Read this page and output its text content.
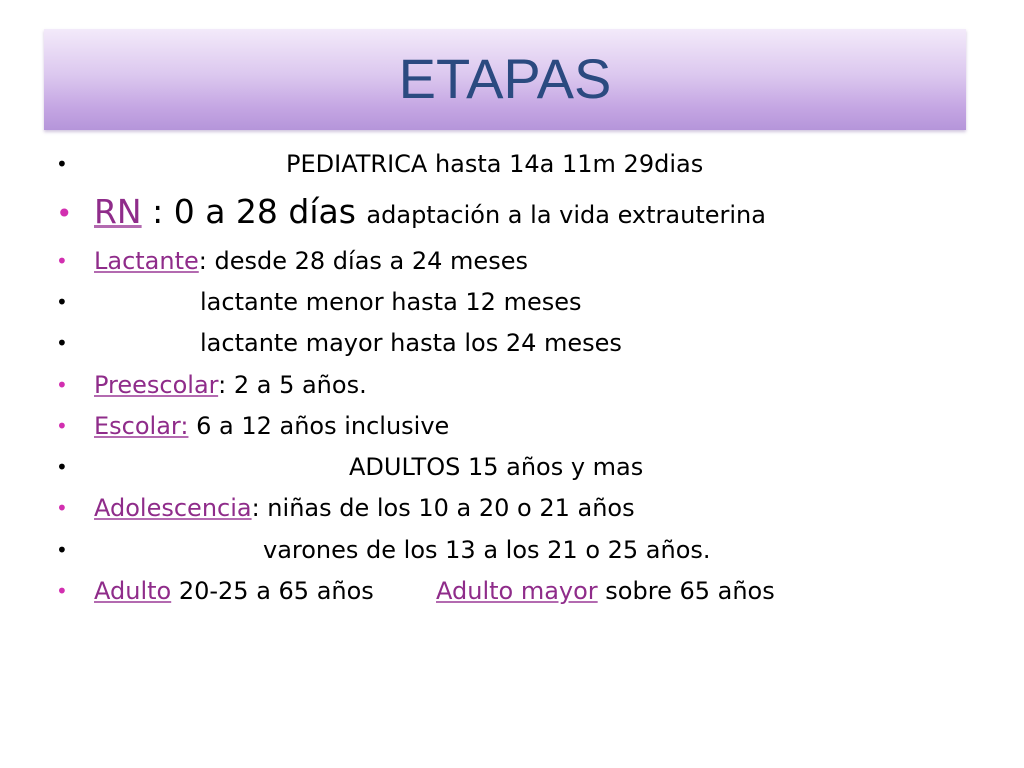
ETAPAS
•	PEDIATRICA hasta 14a 11m 29dias
• RN : 0 a 28 días adaptación a la vida extrauterina
• Lactante: desde 28 días a 24 meses
•	lactante menor hasta 12 meses
•	lactante mayor hasta los 24 meses
• Preescolar: 2 a 5 años.
• Escolar: 6 a 12 años inclusive
•	ADULTOS 15 años y mas
• Adolescencia: niñas de los 10 a 20 o 21 años
•	varones de los 13 a los 21 o 25 años.
• Adulto 20-25 a 65 años	Adulto mayor sobre 65 años
